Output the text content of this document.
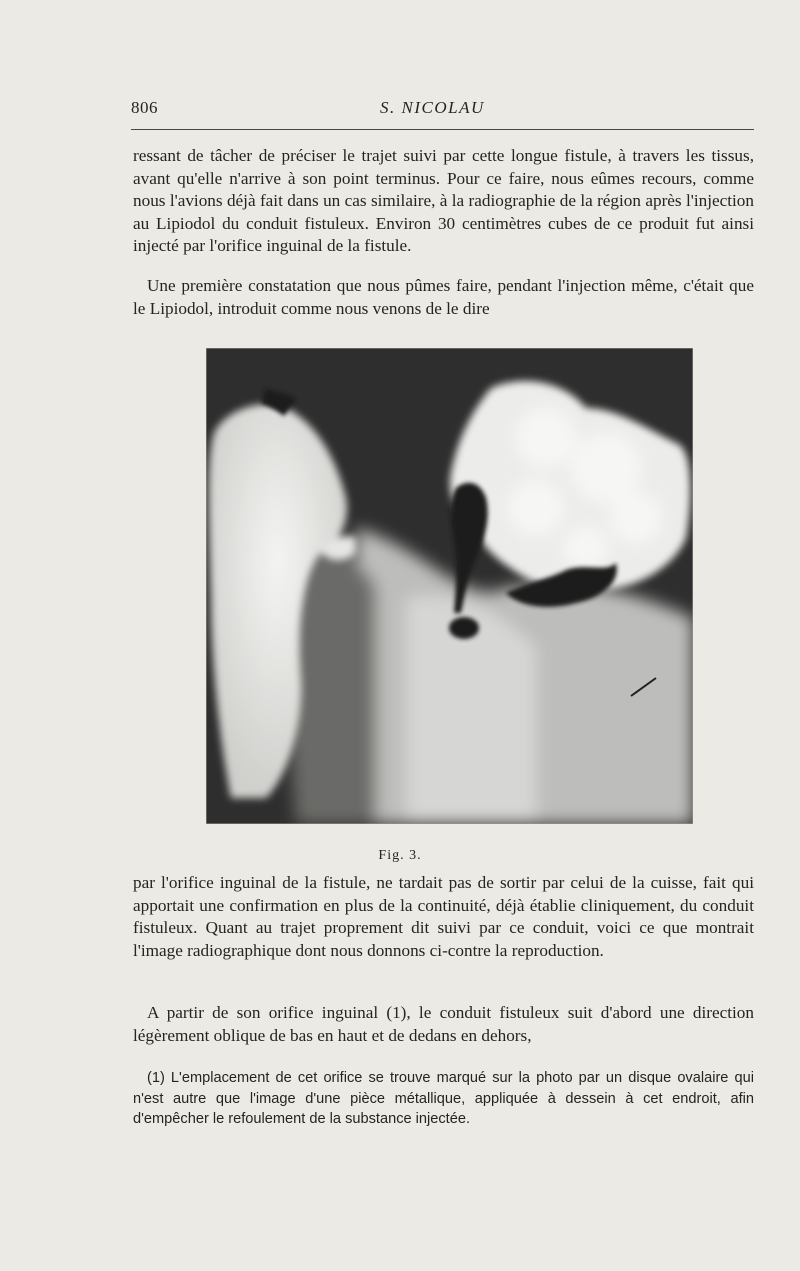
806	S. NICOLAU

ressant de tâcher de préciser le trajet suivi par cette longue fistule, à travers les tissus, avant qu'elle n'arrive à son point terminus. Pour ce faire, nous eûmes recours, comme nous l'avions déjà fait dans un cas similaire, à la radiographie de la région après l'injection au Lipiodol du conduit fistuleux. Environ 30 centimètres cubes de ce produit fut ainsi injecté par l'orifice inguinal de la fistule.

Une première constatation que nous pûmes faire, pendant l'injection même, c'était que le Lipiodol, introduit comme nous venons de le dire

Fig. 3.

par l'orifice inguinal de la fistule, ne tardait pas de sortir par celui de la cuisse, fait qui apportait une confirmation en plus de la continuité, déjà établie cliniquement, du conduit fistuleux. Quant au trajet proprement dit suivi par ce conduit, voici ce que montrait l'image radiographique dont nous donnons ci-contre la reproduction.

A partir de son orifice inguinal (1), le conduit fistuleux suit d'abord une direction légèrement oblique de bas en haut et de dedans en dehors,

(1) L'emplacement de cet orifice se trouve marqué sur la photo par un disque ovalaire qui n'est autre que l'image d'une pièce métallique, appliquée à dessein à cet endroit, afin d'empêcher le refoulement de la substance injectée.
